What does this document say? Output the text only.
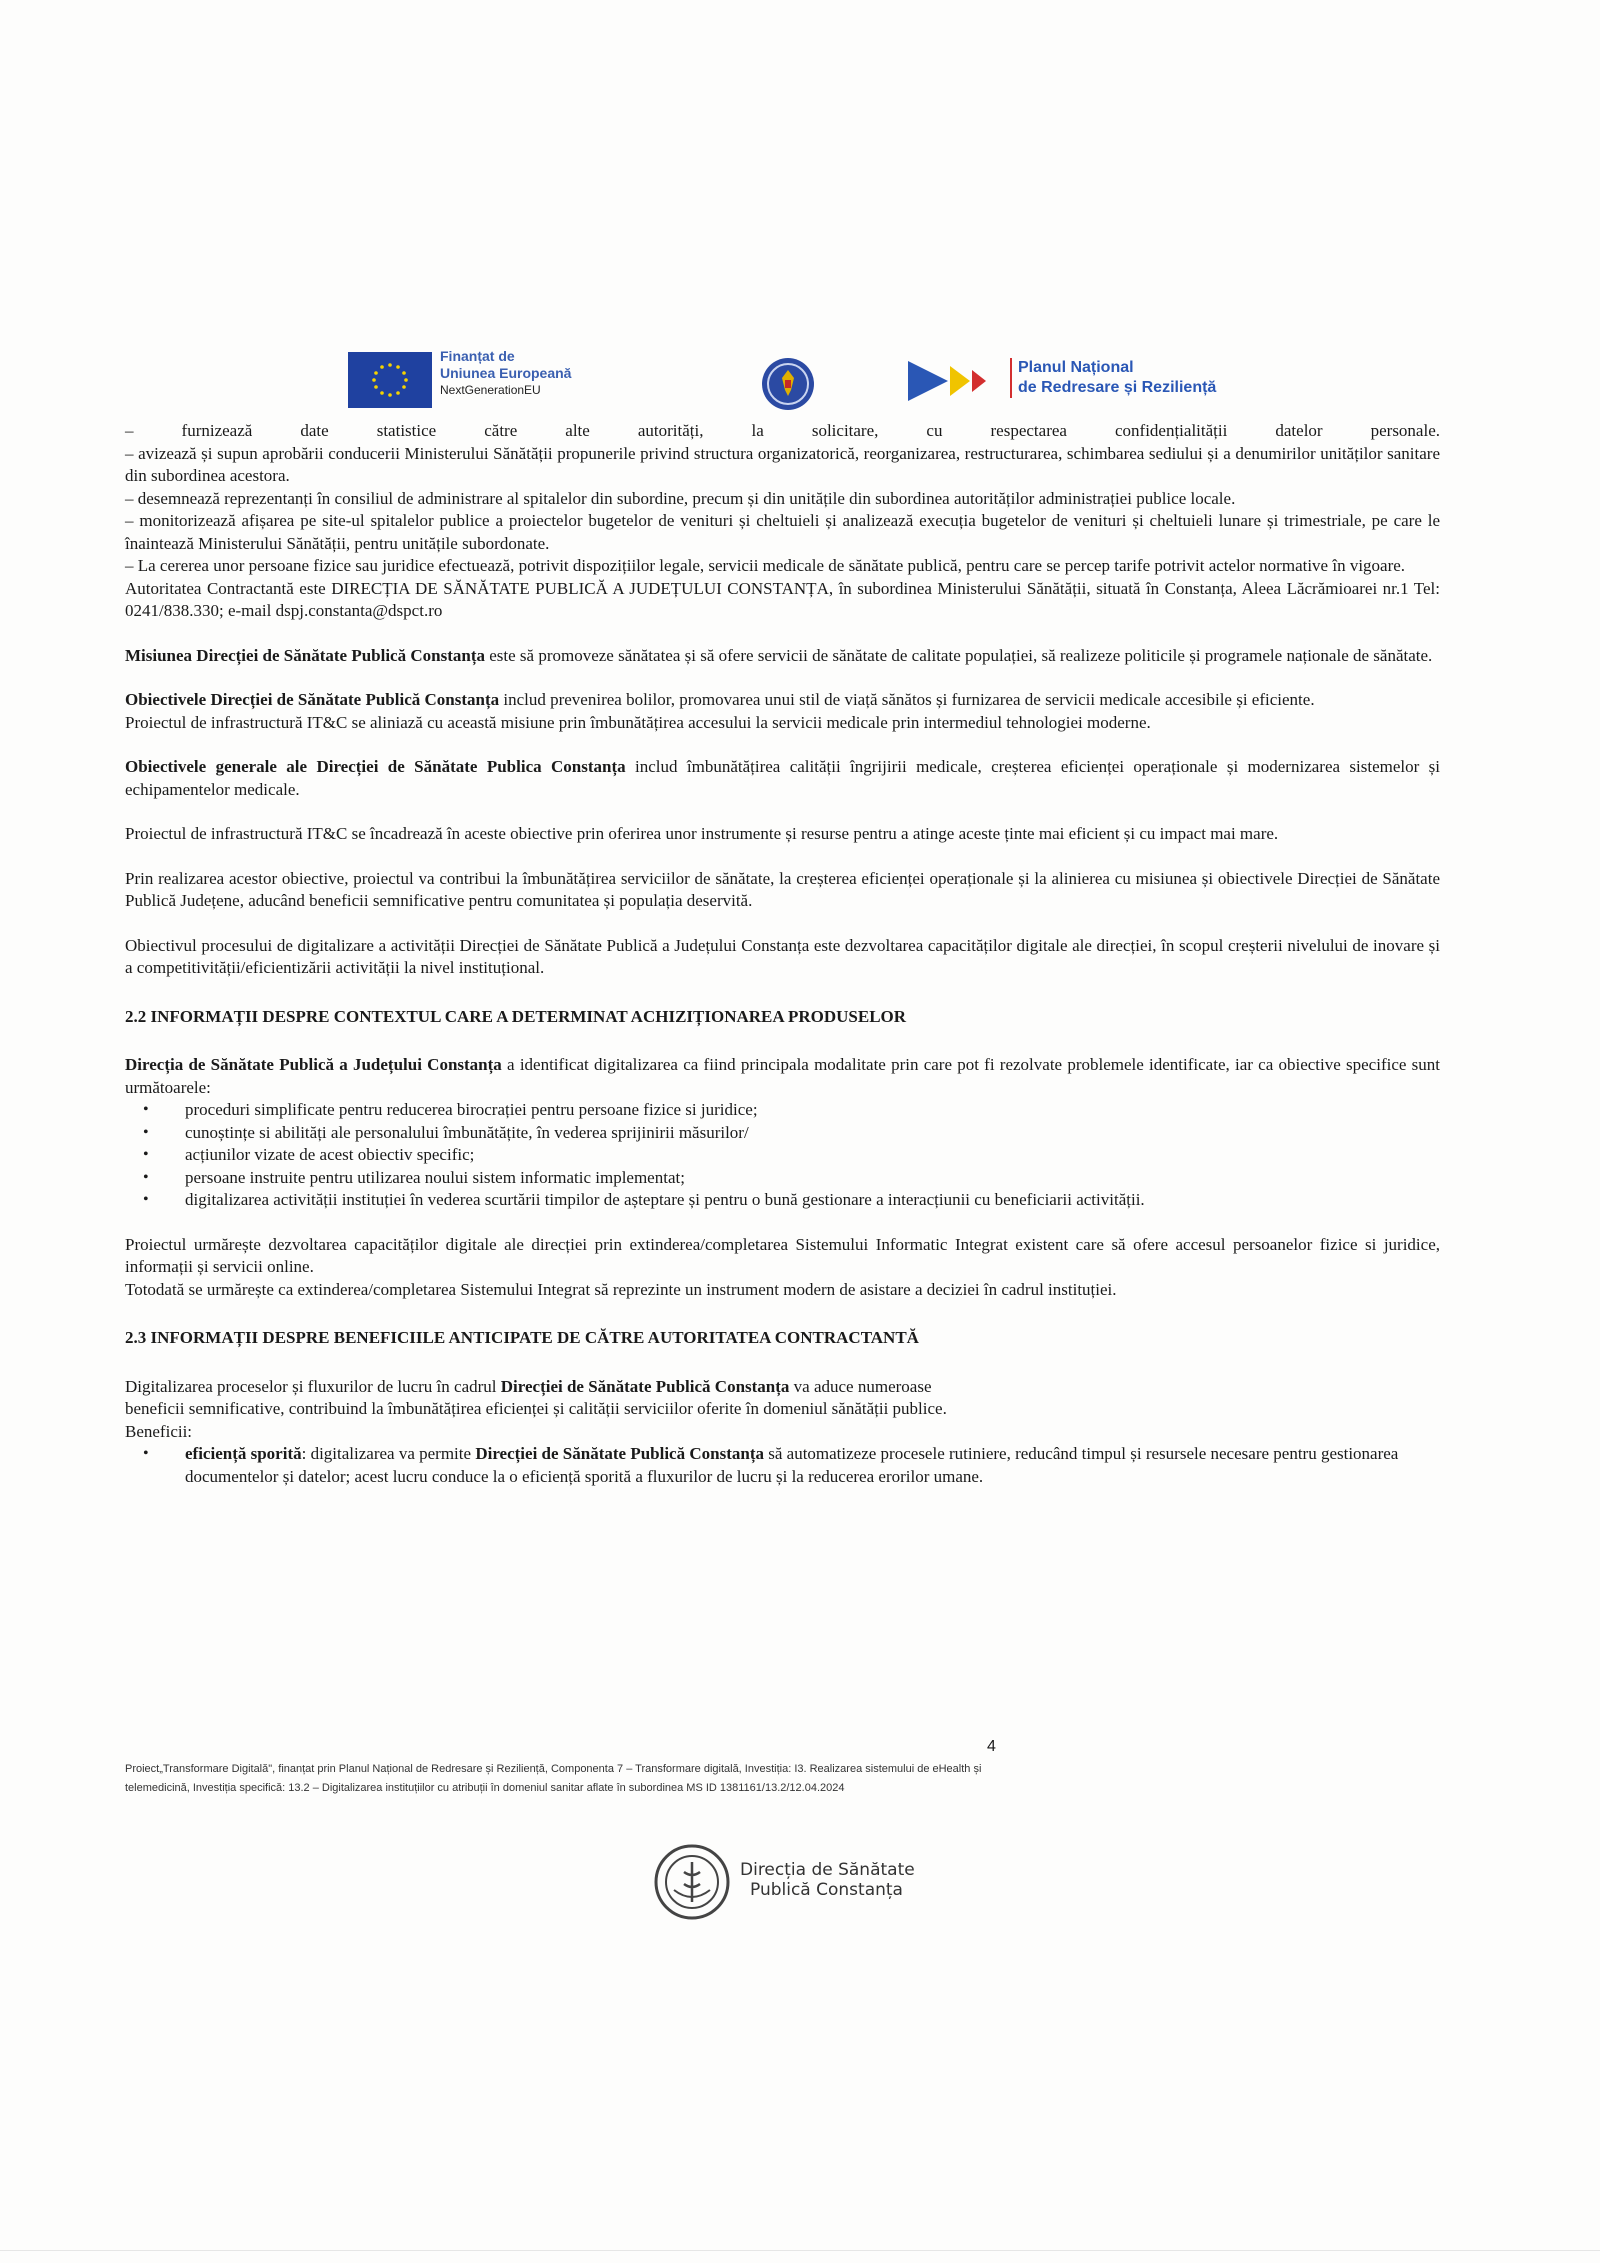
Finanțat de
Uniunea Europeană
NextGenerationEU
Planul Național
de Redresare și Reziliență

– furnizează date statistice către alte autorități, la solicitare, cu respectarea confidențialității datelor personale.

– avizează și supun aprobării conducerii Ministerului Sănătății propunerile privind structura organizatorică, reorganizarea, restructurarea, schimbarea sediului și a denumirilor unităților sanitare din subordinea acestora.

– desemnează reprezentanți în consiliul de administrare al spitalelor din subordine, precum și din unitățile din subordinea autorităților administrației publice locale.

– monitorizează afișarea pe site-ul spitalelor publice a proiectelor bugetelor de venituri și cheltuieli și analizează execuția bugetelor de venituri și cheltuieli lunare și trimestriale, pe care le înaintează Ministerului Sănătății, pentru unitățile subordonate.

– La cererea unor persoane fizice sau juridice efectuează, potrivit dispozițiilor legale, servicii medicale de sănătate publică, pentru care se percep tarife potrivit actelor normative în vigoare.

Autoritatea Contractantă este DIRECȚIA DE SĂNĂTATE PUBLICĂ A JUDEȚULUI CONSTANȚA, în subordinea Ministerului Sănătății, situată în Constanța, Aleea Lăcrămioarei nr.1 Tel: 0241/838.330; e-mail dspj.constanta@dspct.ro

Misiunea Direcției de Sănătate Publică Constanța este să promoveze sănătatea și să ofere servicii de sănătate de calitate populației, să realizeze politicile și programele naționale de sănătate.

Obiectivele Direcției de Sănătate Publică Constanța includ prevenirea bolilor, promovarea unui stil de viață sănătos și furnizarea de servicii medicale accesibile și eficiente.

Proiectul de infrastructură IT&C se aliniază cu această misiune prin îmbunătățirea accesului la servicii medicale prin intermediul tehnologiei moderne.

Obiectivele generale ale Direcției de Sănătate Publica Constanța includ îmbunătățirea calității îngrijirii medicale, creșterea eficienței operaționale și modernizarea sistemelor și echipamentelor medicale.

Proiectul de infrastructură IT&C se încadrează în aceste obiective prin oferirea unor instrumente și resurse pentru a atinge aceste ținte mai eficient și cu impact mai mare.

Prin realizarea acestor obiective, proiectul va contribui la îmbunătățirea serviciilor de sănătate, la creșterea eficienței operaționale și la alinierea cu misiunea și obiectivele Direcției de Sănătate Publică Județene, aducând beneficii semnificative pentru comunitatea și populația deservită.

Obiectivul procesului de digitalizare a activității Direcției de Sănătate Publică a Județului Constanța este dezvoltarea capacităților digitale ale direcției, în scopul creșterii nivelului de inovare și a competitivității/eficientizării activității la nivel instituțional.

2.2 INFORMAȚII DESPRE CONTEXTUL CARE A DETERMINAT ACHIZIȚIONAREA PRODUSELOR

Direcția de Sănătate Publică a Județului Constanța a identificat digitalizarea ca fiind principala modalitate prin care pot fi rezolvate problemele identificate, iar ca obiective specifice sunt următoarele:

• proceduri simplificate pentru reducerea birocrației pentru persoane fizice si juridice;
• cunoștințe si abilități ale personalului îmbunătățite, în vederea sprijinirii măsurilor/
• acțiunilor vizate de acest obiectiv specific;
• persoane instruite pentru utilizarea noului sistem informatic implementat;
• digitalizarea activității instituției în vederea scurtării timpilor de așteptare și pentru o bună gestionare a interacțiunii cu beneficiarii activității.

Proiectul urmărește dezvoltarea capacităților digitale ale direcției prin extinderea/completarea Sistemului Informatic Integrat existent care să ofere accesul persoanelor fizice si juridice, informații și servicii online.

Totodată se urmărește ca extinderea/completarea Sistemului Integrat să reprezinte un instrument modern de asistare a deciziei în cadrul instituției.

2.3 INFORMAȚII DESPRE BENEFICIILE ANTICIPATE DE CĂTRE AUTORITATEA CONTRACTANTĂ

Digitalizarea proceselor și fluxurilor de lucru în cadrul Direcției de Sănătate Publică Constanța va aduce numeroase

beneficii semnificative, contribuind la îmbunătățirea eficienței și calității serviciilor oferite în domeniul sănătății publice.

Beneficii:

• eficiență sporită: digitalizarea va permite Direcției de Sănătate Publică Constanța să automatizeze procesele rutiniere, reducând timpul și resursele necesare pentru gestionarea documentelor și datelor; acest lucru conduce la o eficiență sporită a fluxurilor de lucru și la reducerea erorilor umane.
4
Proiect„Transformare Digitală", finanțat prin Planul Național de Redresare și Reziliență, Componenta 7 – Transformare digitală, Investiția: I3. Realizarea sistemului de eHealth și telemedicină, Investiția specifică: 13.2 – Digitalizarea instituțiilor cu atribuții în domeniul sanitar aflate în subordinea MS ID 1381161/13.2/12.04.2024
Direcția de Sănătate
Publică Constanța
